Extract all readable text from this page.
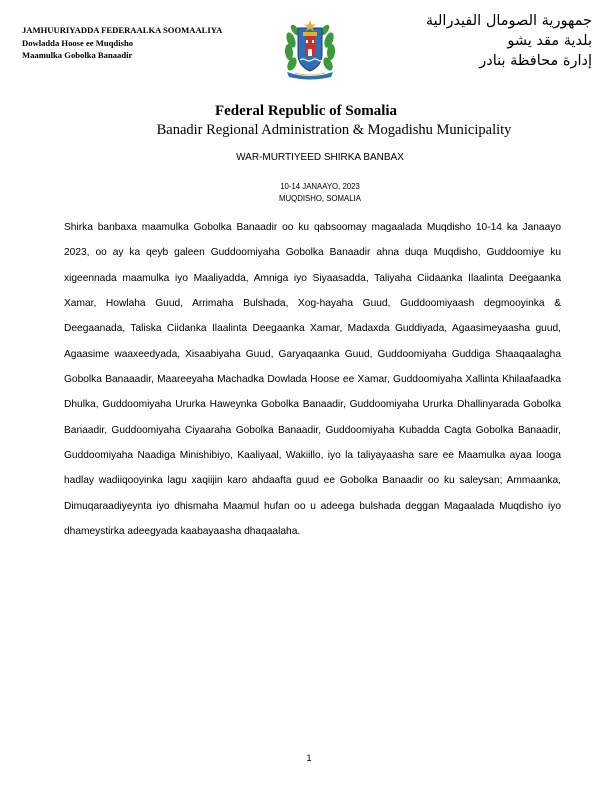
JAMHUURIYADDA FEDERAALKA SOOMAALIYA
Dowladda Hoose ee Muqdisho
Maamulka Gobolka Banaadir
جمهورية الصومال الفيدرالية
بلدية مقد يشو
إدارة محافظة بنادر
Federal Republic of Somalia
Banadir Regional Administration & Mogadishu Municipality
WAR-MURTIYEED SHIRKA BANBAX
10-14 JANAAYO, 2023
MUQDISHO, SOMALIA

Shirka banbaxa maamulka Gobolka Banaadir oo ku qabsoomay magaalada Muqdisho 10-14 ka Janaayo 2023, oo ay ka qeyb galeen Guddoomiyaha Gobolka Banaadir ahna duqa Muqdisho, Guddoomiye ku xigeennada maamulka iyo Maaliyadda, Amniga iyo Siyaasadda, Taliyaha Ciidaanka Ilaalinta Deegaanka Xamar, Howlaha Guud, Arrimaha Bulshada, Xog-hayaha Guud, Guddoomiyaash degmooyinka & Deegaanada, Taliska Ciidanka Ilaalinta Deegaanka Xamar, Madaxda Guddiyada, Agaasimeyaasha guud, Agaasime waaxeedyada, Xisaabiyaha Guud, Garyaqaanka Guud, Guddoomiyaha Guddiga Shaaqaalagha Gobolka Banaaadir, Maareeyaha Machadka Dowlada Hoose ee Xamar, Guddoomiyaha Xallinta Khilaafaadka Dhulka, Guddoomiyaha Ururka Haweynka Gobolka Banaadir, Guddoomiyaha Ururka Dhallinyarada Gobolka Banaadir, Guddoomiyaha Ciyaaraha Gobolka Banaadir, Guddoomiyaha Kubadda Cagta Gobolka Banaadir, Guddoomiyaha Naadiga Minishibiyo, Kaaliyaal, Wakiillo, iyo la taliyayaasha sare ee Maamulka ayaa looga hadlay wadiiqooyinka lagu xaqiijin karo ahdaafta guud ee Gobolka Banaadir oo ku saleysan; Ammaanka, Dimuqaraadiyeynta iyo dhismaha Maamul hufan oo u adeega bulshada deggan Magaalada Muqdisho iyo dhameystirka adeegyada kaabayaasha dhaqaalaha.

1
